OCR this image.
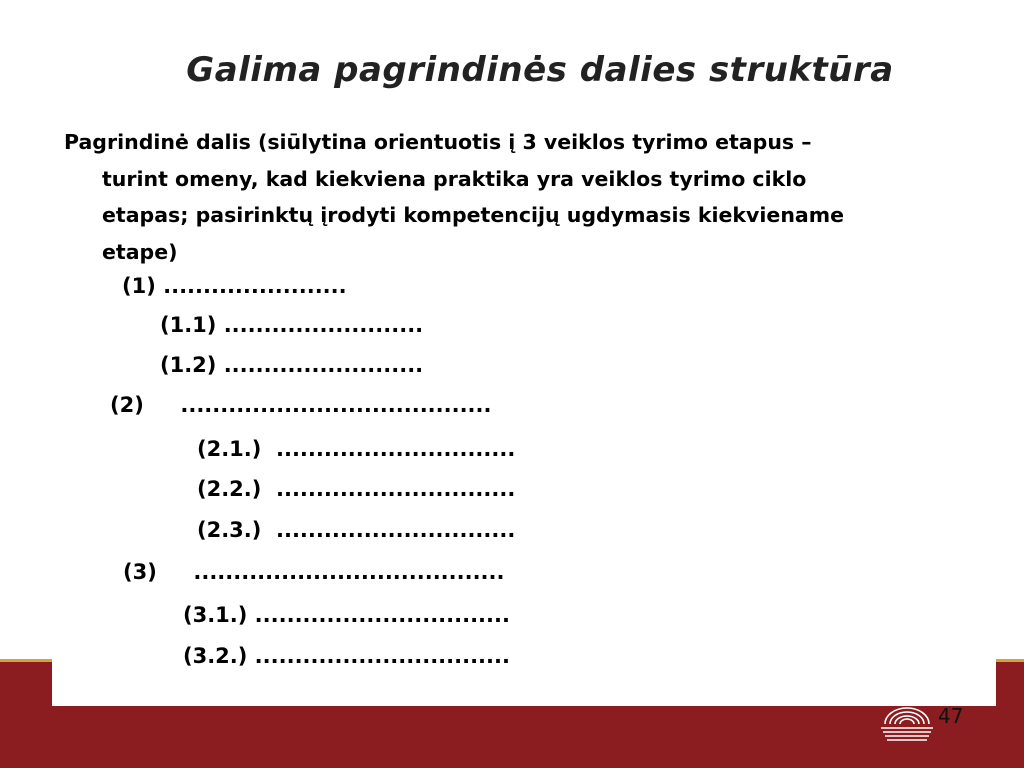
Galima pagrindinės dalies struktūra
Pagrindinė dalis (siūlytina orientuotis į 3 veiklos tyrimo etapus –
turint omeny, kad kiekviena praktika yra veiklos tyrimo ciklo
etapas; pasirinktų įrodyti kompetencijų ugdymasis kiekviename
etape)
(1) .......................
(1.1) .........................
(1.2) .........................
(2)     .......................................
(2.1.)  ..............................
(2.2.)  ..............................
(2.3.)  ..............................
(3)     .......................................
(3.1.) ................................
(3.2.) ................................
47
